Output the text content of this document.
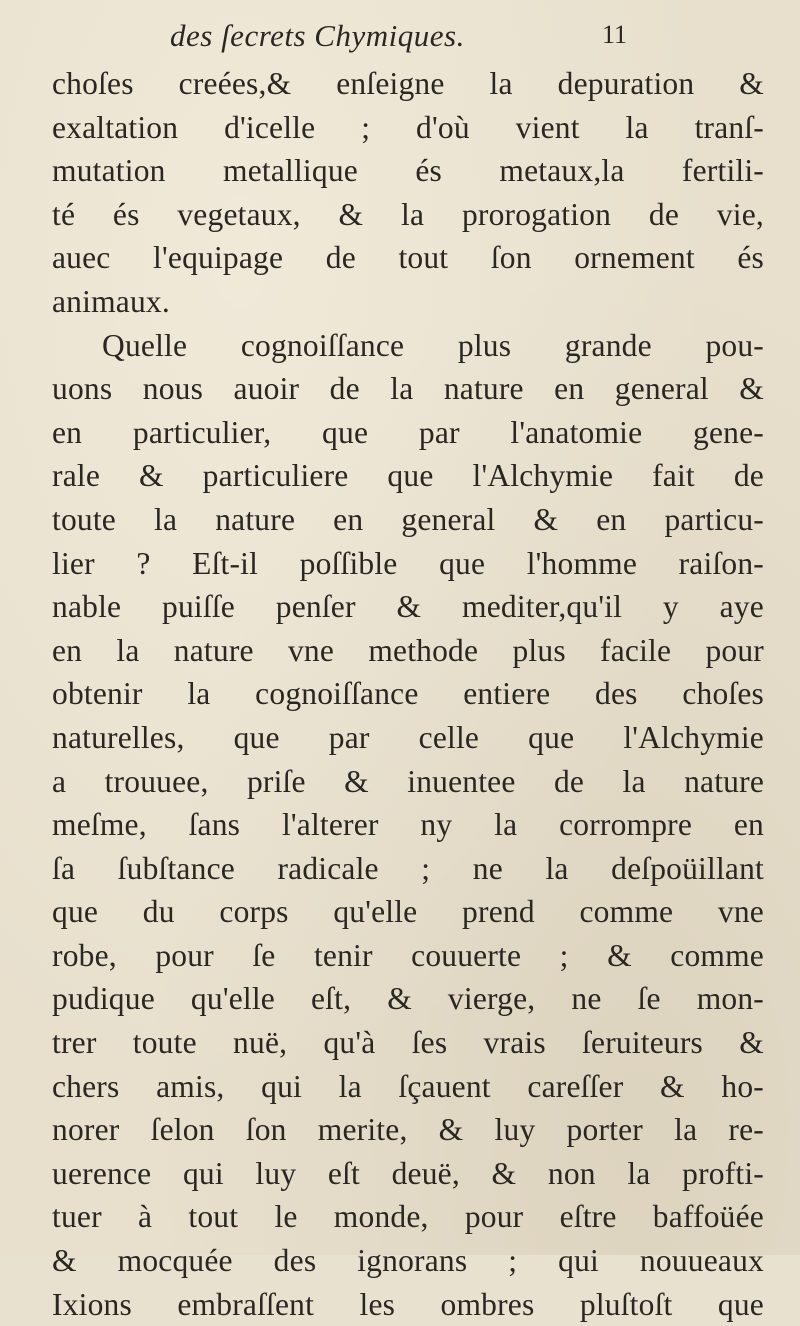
des ſecrets Chymiques.	11
choſes creées,& enſeigne la depuration &
exaltation d'icelle ; d'où vient la tranſ-
mutation metallique és metaux,la fertili-
té és vegetaux, & la prorogation de vie,
auec l'equipage de tout ſon ornement és
animaux.
Quelle cognoiſſance plus grande pou-
uons nous auoir de la nature en general &
en particulier, que par l'anatomie gene-
rale & particuliere que l'Alchymie fait de
toute la nature en general & en particu-
lier ? Eſt-il poſſible que l'homme raiſon-
nable puiſſe penſer & mediter,qu'il y aye
en la nature vne methode plus facile pour
obtenir la cognoiſſance entiere des choſes
naturelles, que par celle que l'Alchymie
a trouuee, priſe & inuentee de la nature
meſme, ſans l'alterer ny la corrompre en
ſa ſubſtance radicale ; ne la deſpoüillant
que du corps qu'elle prend comme vne
robe, pour ſe tenir couuerte ; & comme
pudique qu'elle eſt, & vierge, ne ſe mon-
trer toute nuë, qu'à ſes vrais ſeruiteurs &
chers amis, qui la ſçauent careſſer & ho-
norer ſelon ſon merite, & luy porter la re-
uerence qui luy eſt deuë, & non la profti-
tuer à tout le monde, pour eſtre baffoüée
& mocquée des ignorans ; qui nouueaux
Ixions embraſſent les ombres pluſtoſt que
